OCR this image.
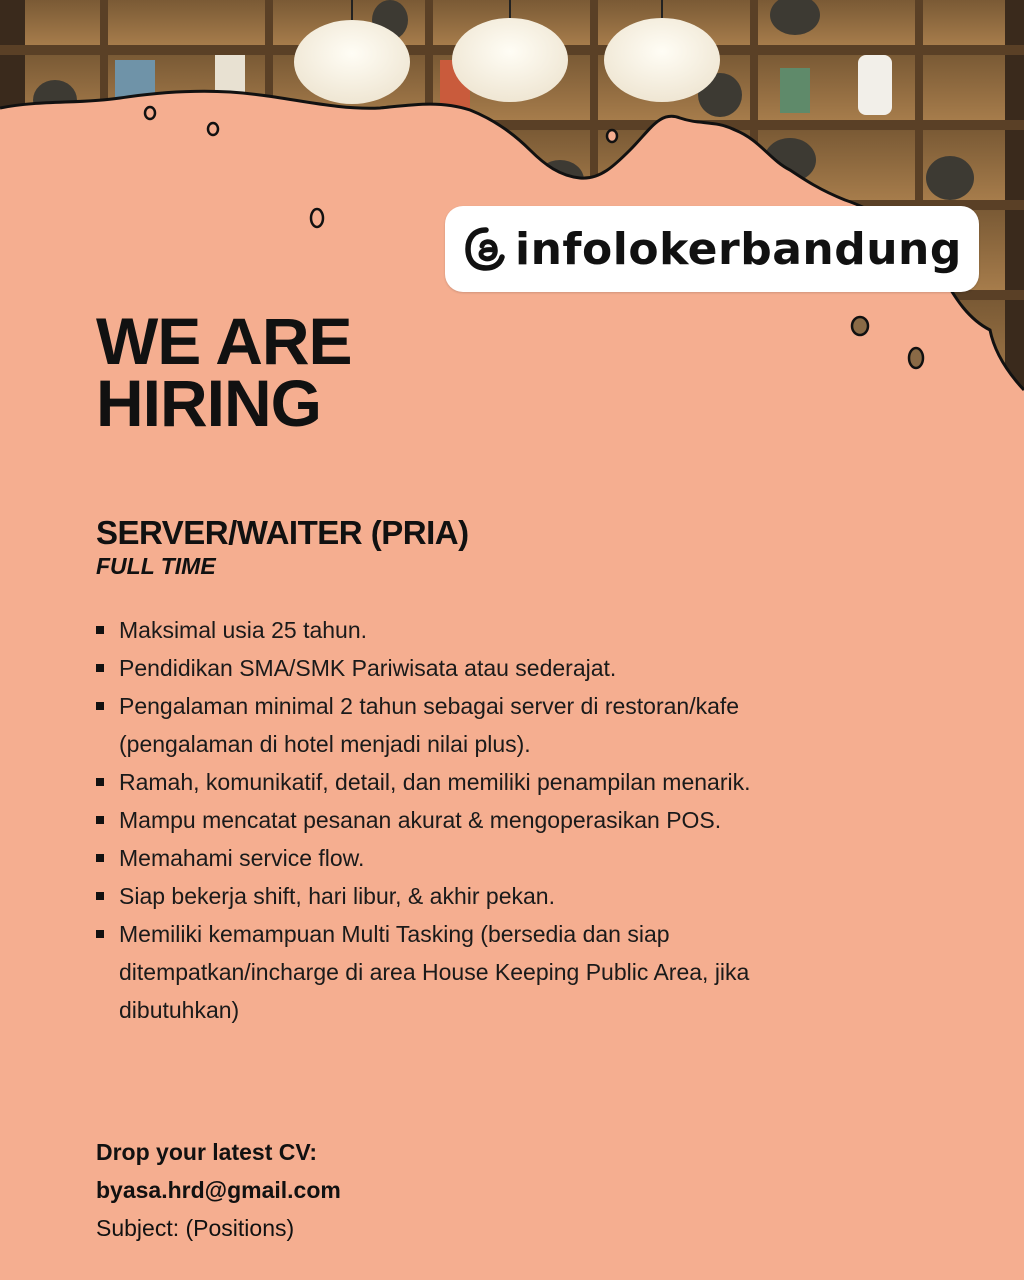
infolokerbandung
WE ARE
HIRING
SERVER/WAITER (PRIA)

FULL TIME

Maksimal usia 25 tahun.
Pendidikan SMA/SMK Pariwisata atau sederajat.
Pengalaman minimal 2 tahun sebagai server di restoran/kafe (pengalaman di hotel menjadi nilai plus).
Ramah, komunikatif, detail, dan memiliki penampilan menarik.
Mampu mencatat pesanan akurat & mengoperasikan POS.
Memahami service flow.
Siap bekerja shift, hari libur, & akhir pekan.
Memiliki kemampuan Multi Tasking (bersedia dan siap ditempatkan/incharge di area House Keeping Public Area, jika dibutuhkan)
Drop your latest CV:
byasa.hrd@gmail.com
Subject: (Positions)
